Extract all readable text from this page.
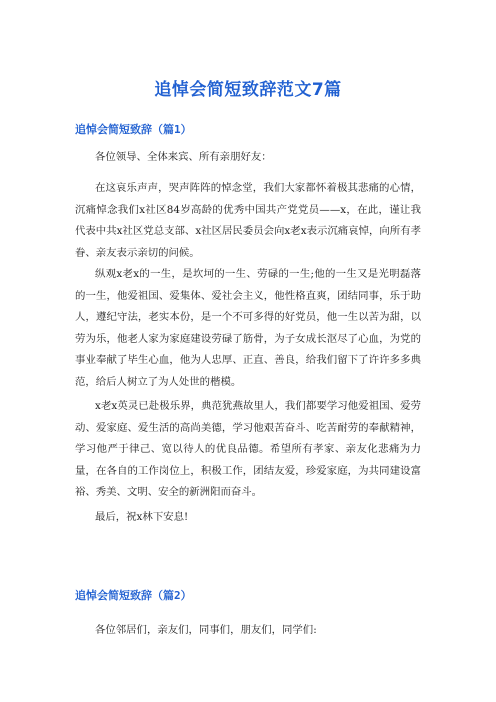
追悼会简短致辞范文7篇
追悼会简短致辞（篇1）
各位领导、全体来宾、所有亲朋好友：

在这哀乐声声，哭声阵阵的悼念堂，我们大家都怀着极其悲痛的心情，沉痛悼念我们x社区84岁高龄的优秀中国共产党党员——x，在此，谨让我代表中共x社区党总支部、x社区居民委员会向x老x表示沉痛哀悼，向所有孝眷、亲友表示亲切的问候。

纵观x老x的一生，是坎坷的一生、劳碌的一生;他的一生又是光明磊落的一生，他爱祖国、爱集体、爱社会主义，他性格直爽，团结同事，乐于助人，遵纪守法，老实本份，是一个不可多得的好党员，他一生以苦为甜，以劳为乐，他老人家为家庭建设劳碌了筋骨，为子女成长沤尽了心血，为党的事业奉献了毕生心血，他为人忠厚、正直、善良，给我们留下了许许多多典范，给后人树立了为人处世的楷模。

x老x英灵已赴极乐界，典范犹燕故里人，我们都要学习他爱祖国、爱劳动、爱家庭、爱生活的高尚美德，学习他艰苦奋斗、吃苦耐劳的奉献精神，学习他严于律己、宽以待人的优良品德。希望所有孝家、亲友化悲痛为力量，在各自的工作岗位上，积极工作，团结友爱，珍爱家庭，为共同建设富裕、秀美、文明、安全的新洲阳而奋斗。

最后，祝x林下安息!
追悼会简短致辞（篇2）
各位邻居们，亲友们，同事们，朋友们，同学们:
